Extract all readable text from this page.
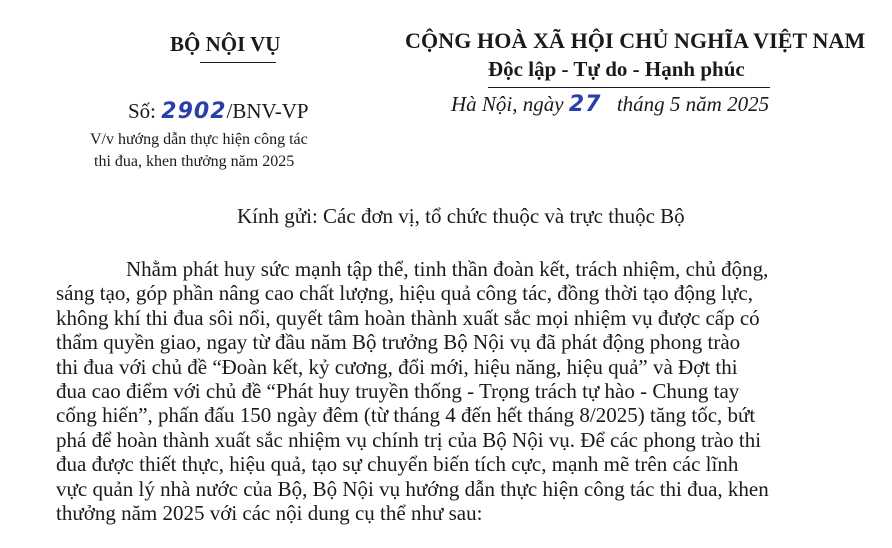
BỘ NỘI VỤ	CỘNG HOÀ XÃ HỘI CHỦ NGHĨA VIỆT NAM
Độc lập - Tự do - Hạnh phúc
Số: 2902/BNV-VP	Hà Nội, ngày 27 tháng 5 năm 2025
V/v hướng dẫn thực hiện công tác
thi đua, khen thưởng năm 2025
Kính gửi: Các đơn vị, tổ chức thuộc và trực thuộc Bộ
Nhằm phát huy sức mạnh tập thể, tinh thần đoàn kết, trách nhiệm, chủ động,
sáng tạo, góp phần nâng cao chất lượng, hiệu quả công tác, đồng thời tạo động lực,
không khí thi đua sôi nổi, quyết tâm hoàn thành xuất sắc mọi nhiệm vụ được cấp có
thẩm quyền giao, ngay từ đầu năm Bộ trưởng Bộ Nội vụ đã phát động phong trào
thi đua với chủ đề “Đoàn kết, kỷ cương, đổi mới, hiệu năng, hiệu quả” và Đợt thi
đua cao điểm với chủ đề “Phát huy truyền thống - Trọng trách tự hào - Chung tay
cống hiến”, phấn đấu 150 ngày đêm (từ tháng 4 đến hết tháng 8/2025) tăng tốc, bứt
phá để hoàn thành xuất sắc nhiệm vụ chính trị của Bộ Nội vụ. Để các phong trào thi
đua được thiết thực, hiệu quả, tạo sự chuyển biến tích cực, mạnh mẽ trên các lĩnh
vực quản lý nhà nước của Bộ, Bộ Nội vụ hướng dẫn thực hiện công tác thi đua, khen
thưởng năm 2025 với các nội dung cụ thể như sau:
